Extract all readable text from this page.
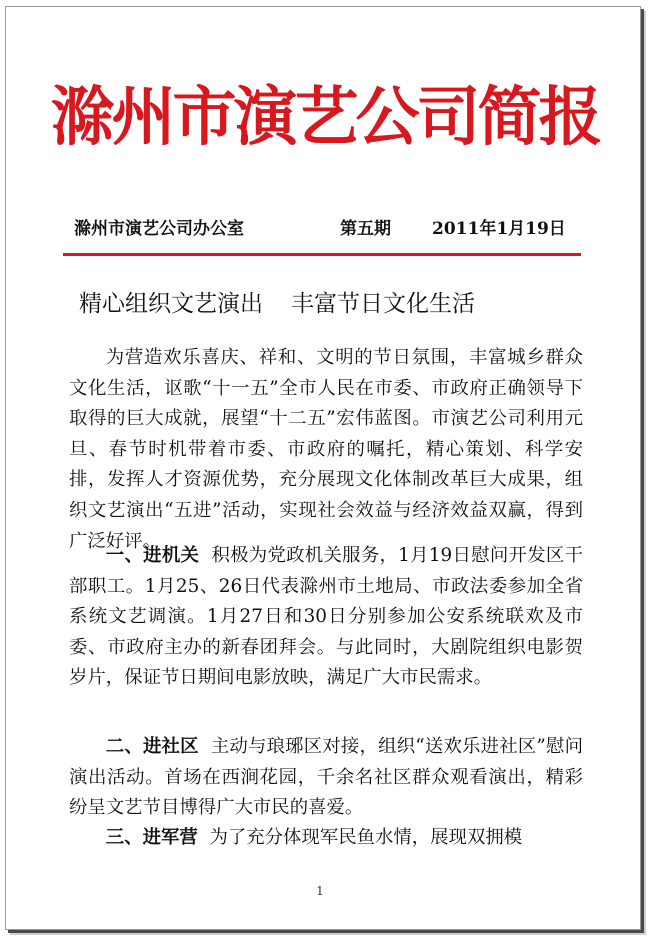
滁州市演艺公司简报
滁州市演艺公司办公室	第五期 2011年1月19日
精心组织文艺演出 丰富节日文化生活

为营造欢乐喜庆、祥和、文明的节日氛围，丰富城乡群众文化生活，讴歌“十一五”全市人民在市委、市政府正确领导下取得的巨大成就，展望“十二五”宏伟蓝图。市演艺公司利用元旦、春节时机带着市委、市政府的嘱托，精心策划、科学安排，发挥人才资源优势，充分展现文化体制改革巨大成果，组织文艺演出“五进”活动，实现社会效益与经济效益双赢，得到广泛好评。

一、进机关 积极为党政机关服务，1月19日慰问开发区干部职工。1月25、26日代表滁州市土地局、市政法委参加全省系统文艺调演。1月27日和30日分别参加公安系统联欢及市委、市政府主办的新春团拜会。与此同时，大剧院组织电影贺岁片，保证节日期间电影放映，满足广大市民需求。

二、进社区 主动与琅琊区对接，组织“送欢乐进社区”慰问演出活动。首场在西涧花园，千余名社区群众观看演出，精彩纷呈文艺节目博得广大市民的喜爱。

三、进军营 为了充分体现军民鱼水情，展现双拥模

1
